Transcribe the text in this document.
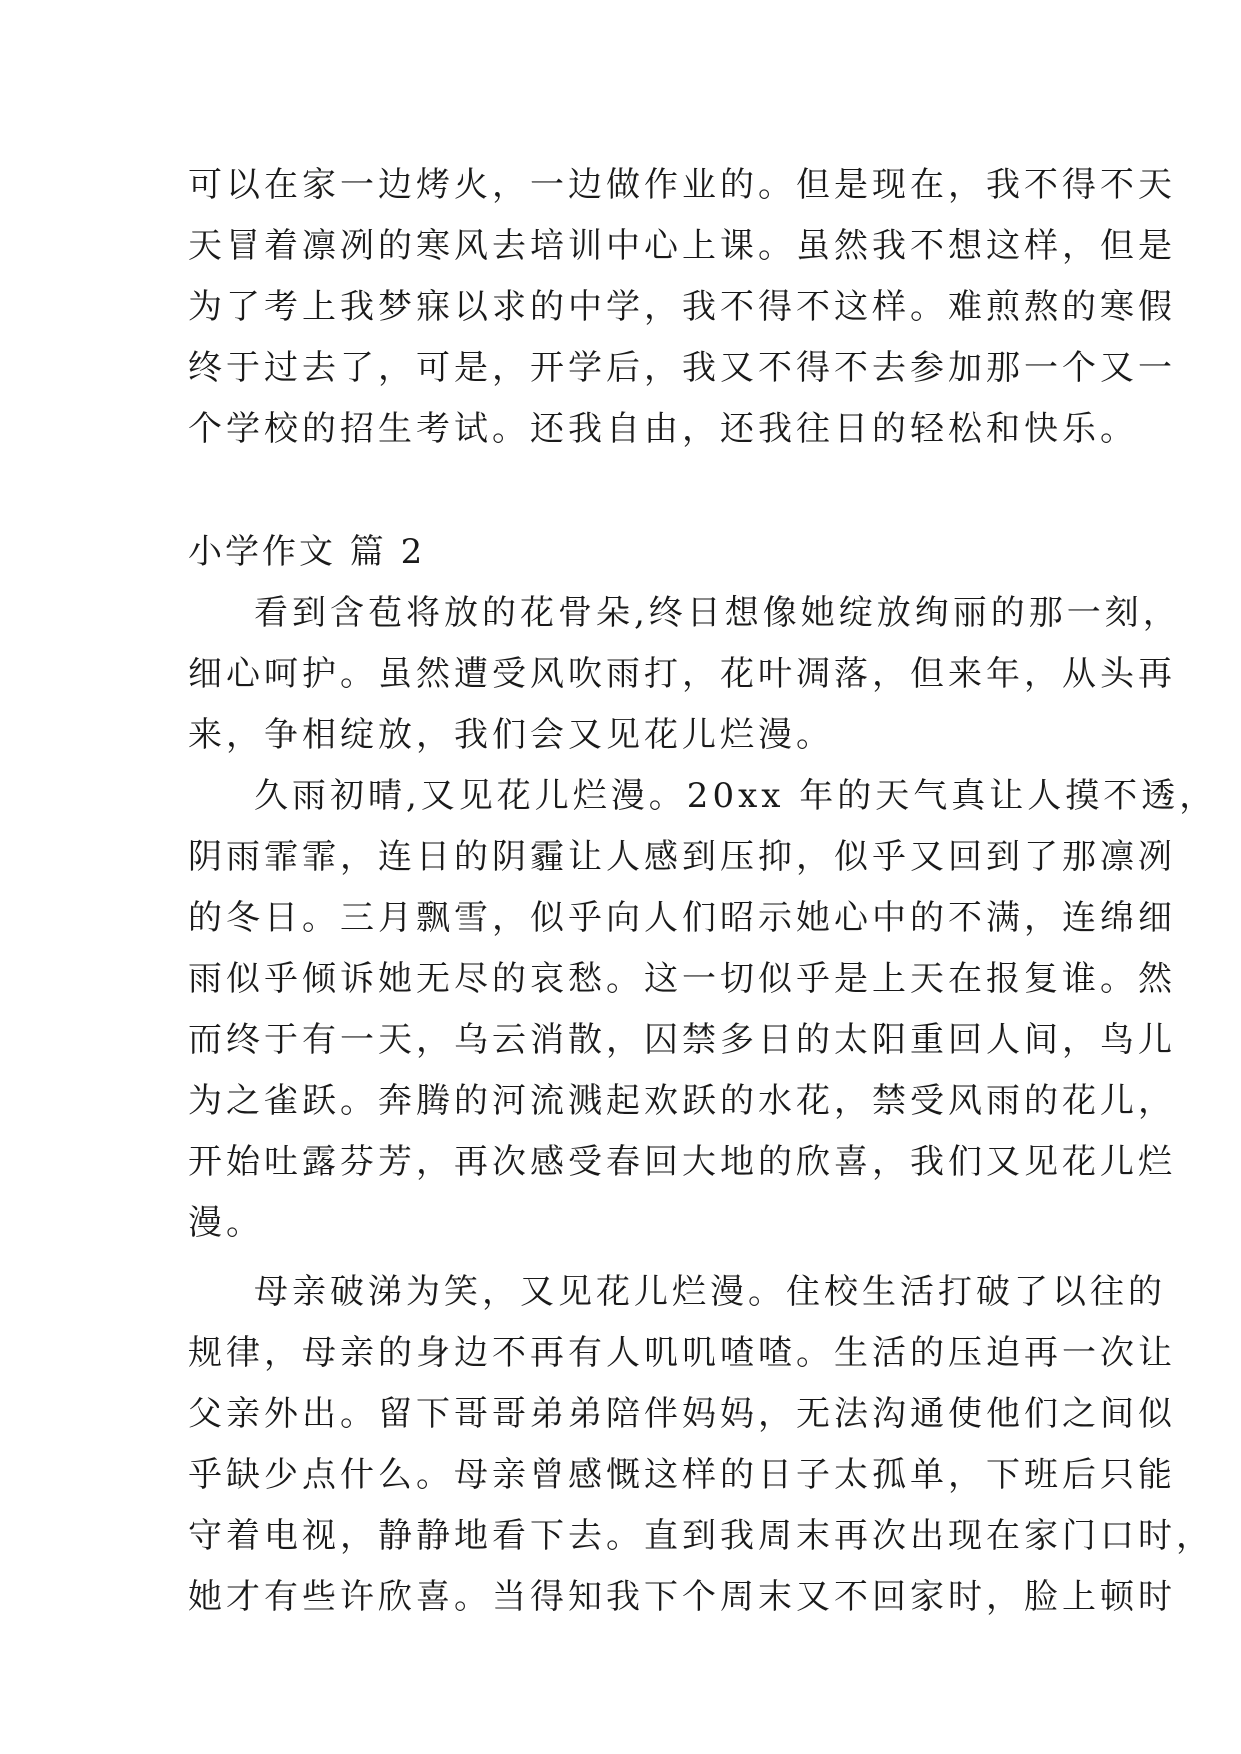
可以在家一边烤火，一边做作业的。但是现在，我不得不天

天冒着凛冽的寒风去培训中心上课。虽然我不想这样，但是

为了考上我梦寐以求的中学，我不得不这样。难煎熬的寒假

终于过去了，可是，开学后，我又不得不去参加那一个又一

个学校的招生考试。还我自由，还我往日的轻松和快乐。

小学作文 篇 2

看到含苞将放的花骨朵,终日想像她绽放绚丽的那一刻，

细心呵护。虽然遭受风吹雨打，花叶凋落，但来年，从头再

来，争相绽放，我们会又见花儿烂漫。

久雨初晴,又见花儿烂漫。20xx 年的天气真让人摸不透，

阴雨霏霏，连日的阴霾让人感到压抑，似乎又回到了那凛冽

的冬日。三月飘雪，似乎向人们昭示她心中的不满，连绵细

雨似乎倾诉她无尽的哀愁。这一切似乎是上天在报复谁。然

而终于有一天，乌云消散，囚禁多日的太阳重回人间，鸟儿

为之雀跃。奔腾的河流溅起欢跃的水花，禁受风雨的花儿，

开始吐露芬芳，再次感受春回大地的欣喜，我们又见花儿烂

漫。

母亲破涕为笑，又见花儿烂漫。住校生活打破了以往的

规律，母亲的身边不再有人叽叽喳喳。生活的压迫再一次让

父亲外出。留下哥哥弟弟陪伴妈妈，无法沟通使他们之间似

乎缺少点什么。母亲曾感慨这样的日子太孤单，下班后只能

守着电视，静静地看下去。直到我周末再次出现在家门口时，

她才有些许欣喜。当得知我下个周末又不回家时，脸上顿时
